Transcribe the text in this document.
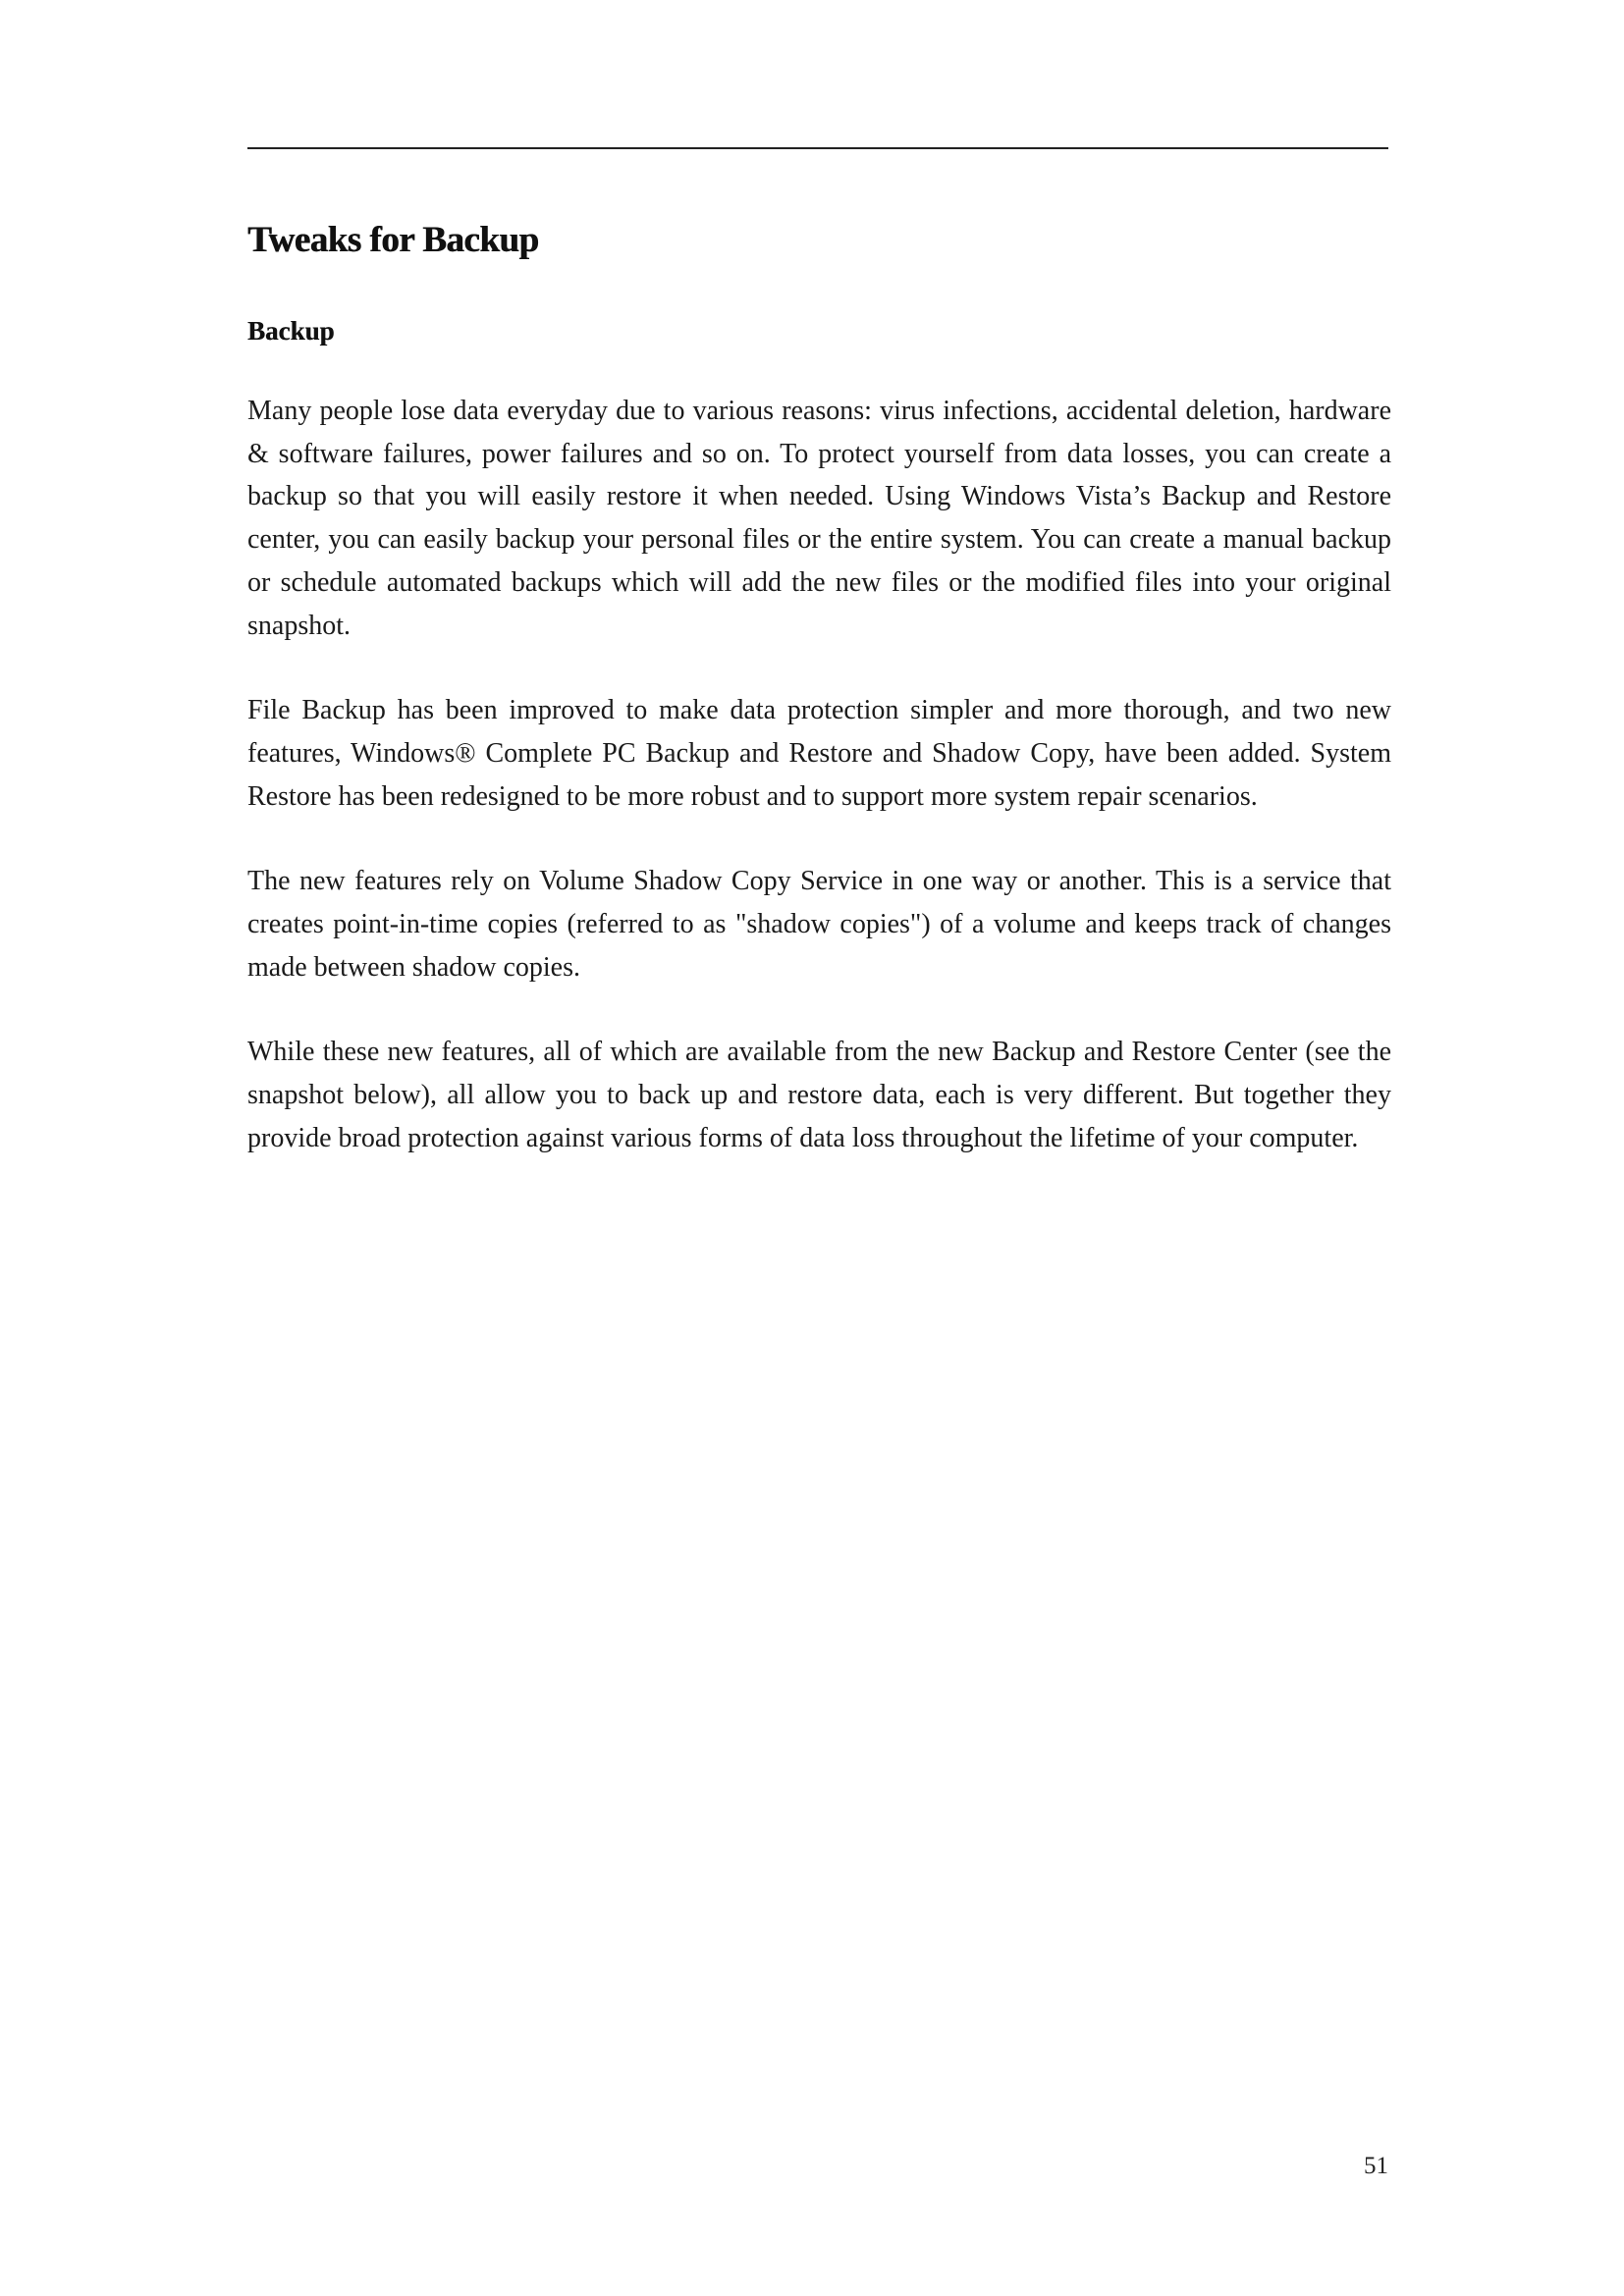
Tweaks for Backup
Backup

Many people lose data everyday due to various reasons: virus infections, accidental deletion, hardware & software failures, power failures and so on. To protect yourself from data losses, you can create a backup so that you will easily restore it when needed. Using Windows Vista’s Backup and Restore center, you can easily backup your personal files or the entire system. You can create a manual backup or schedule automated backups which will add the new files or the modified files into your original snapshot.

File Backup has been improved to make data protection simpler and more thorough, and two new features, Windows® Complete PC Backup and Restore and Shadow Copy, have been added. System Restore has been redesigned to be more robust and to support more system repair scenarios.

The new features rely on Volume Shadow Copy Service in one way or another. This is a service that creates point-in-time copies (referred to as "shadow copies") of a volume and keeps track of changes made between shadow copies.

While these new features, all of which are available from the new Backup and Restore Center (see the snapshot below), all allow you to back up and restore data, each is very different. But together they provide broad protection against various forms of data loss throughout the lifetime of your computer.

51
